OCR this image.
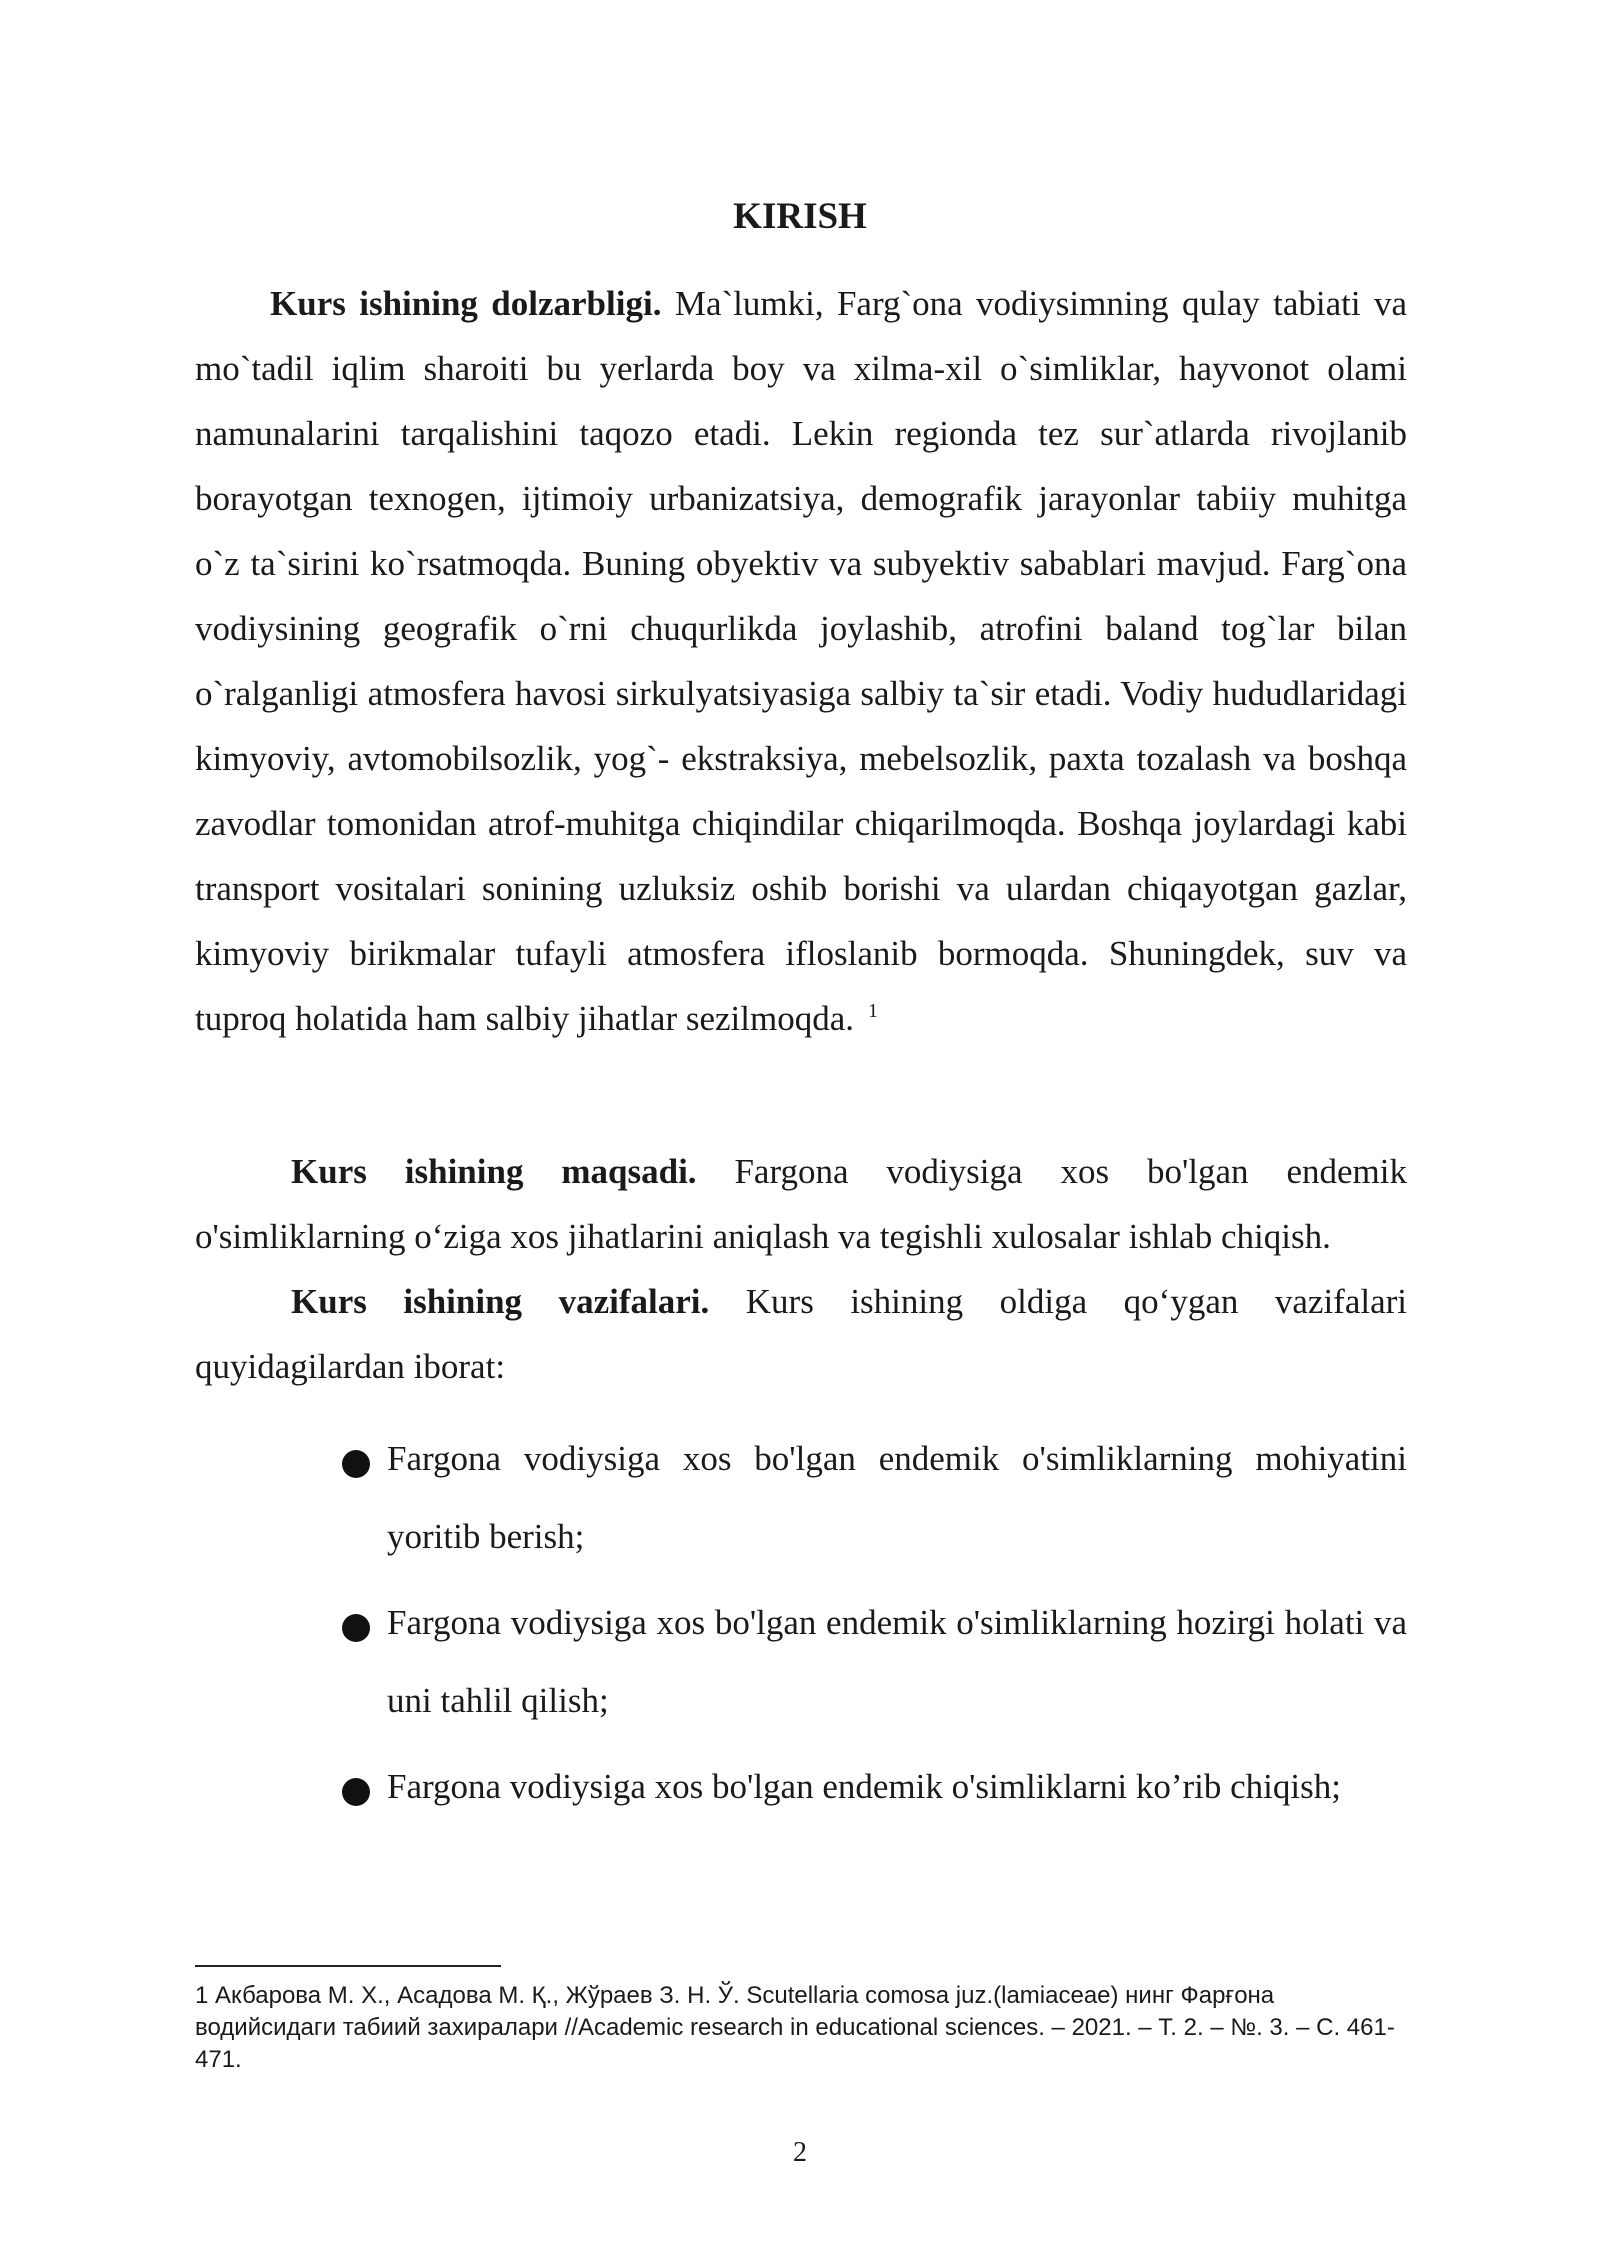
KIRISH

Kurs ishining dolzarbligi. Ma`lumki, Farg`ona vodiysimning qulay tabiati va mo`tadil iqlim sharoiti bu yerlarda boy va xilma-xil o`simliklar, hayvonot olami namunalarini tarqalishini taqozo etadi. Lekin regionda tez sur`atlarda rivojlanib borayotgan texnogen, ijtimoiy urbanizatsiya, demografik jarayonlar tabiiy muhitga o`z ta`sirini ko`rsatmoqda. Buning obyektiv va subyektiv sabablari mavjud. Farg`ona vodiysining geografik o`rni chuqurlikda joylashib, atrofini baland tog`lar bilan o`ralganligi atmosfera havosi sirkulyatsiyasiga salbiy ta`sir etadi. Vodiy hududlaridagi kimyoviy, avtomobilsozlik, yog`- ekstraksiya, mebelsozlik, paxta tozalash va boshqa zavodlar tomonidan atrof-muhitga chiqindilar chiqarilmoqda. Boshqa joylardagi kabi transport vositalari sonining uzluksiz oshib borishi va ulardan chiqayotgan gazlar, kimyoviy birikmalar tufayli atmosfera ifloslanib bormoqda. Shuningdek, suv va tuproq holatida ham salbiy jihatlar sezilmoqda. $^1$

Kurs ishining maqsadi. Fargona vodiysiga xos bo'lgan endemik o'simliklarning o‘ziga xos jihatlarini aniqlash va tegishli xulosalar ishlab chiqish.

Kurs ishining vazifalari. Kurs ishining oldiga qo‘ygan vazifalari quyidagilardan iborat:

Fargona vodiysiga xos bo'lgan endemik o'simliklarning mohiyatini yoritib berish;
Fargona vodiysiga xos bo'lgan endemik o'simliklarning hozirgi holati va uni tahlil qilish;
Fargona vodiysiga xos bo'lgan endemik o'simliklarni ko’rib chiqish;

1 Акбарова М. Х., Асадова М. Қ., Жўраев З. Н. Ў. Scutellaria comosa juz.(lamiaceae) нинг Фарғона водийсидаги табиий захиралари //Academic research in educational sciences. – 2021. – Т. 2. – №. 3. – С. 461-471.

2
